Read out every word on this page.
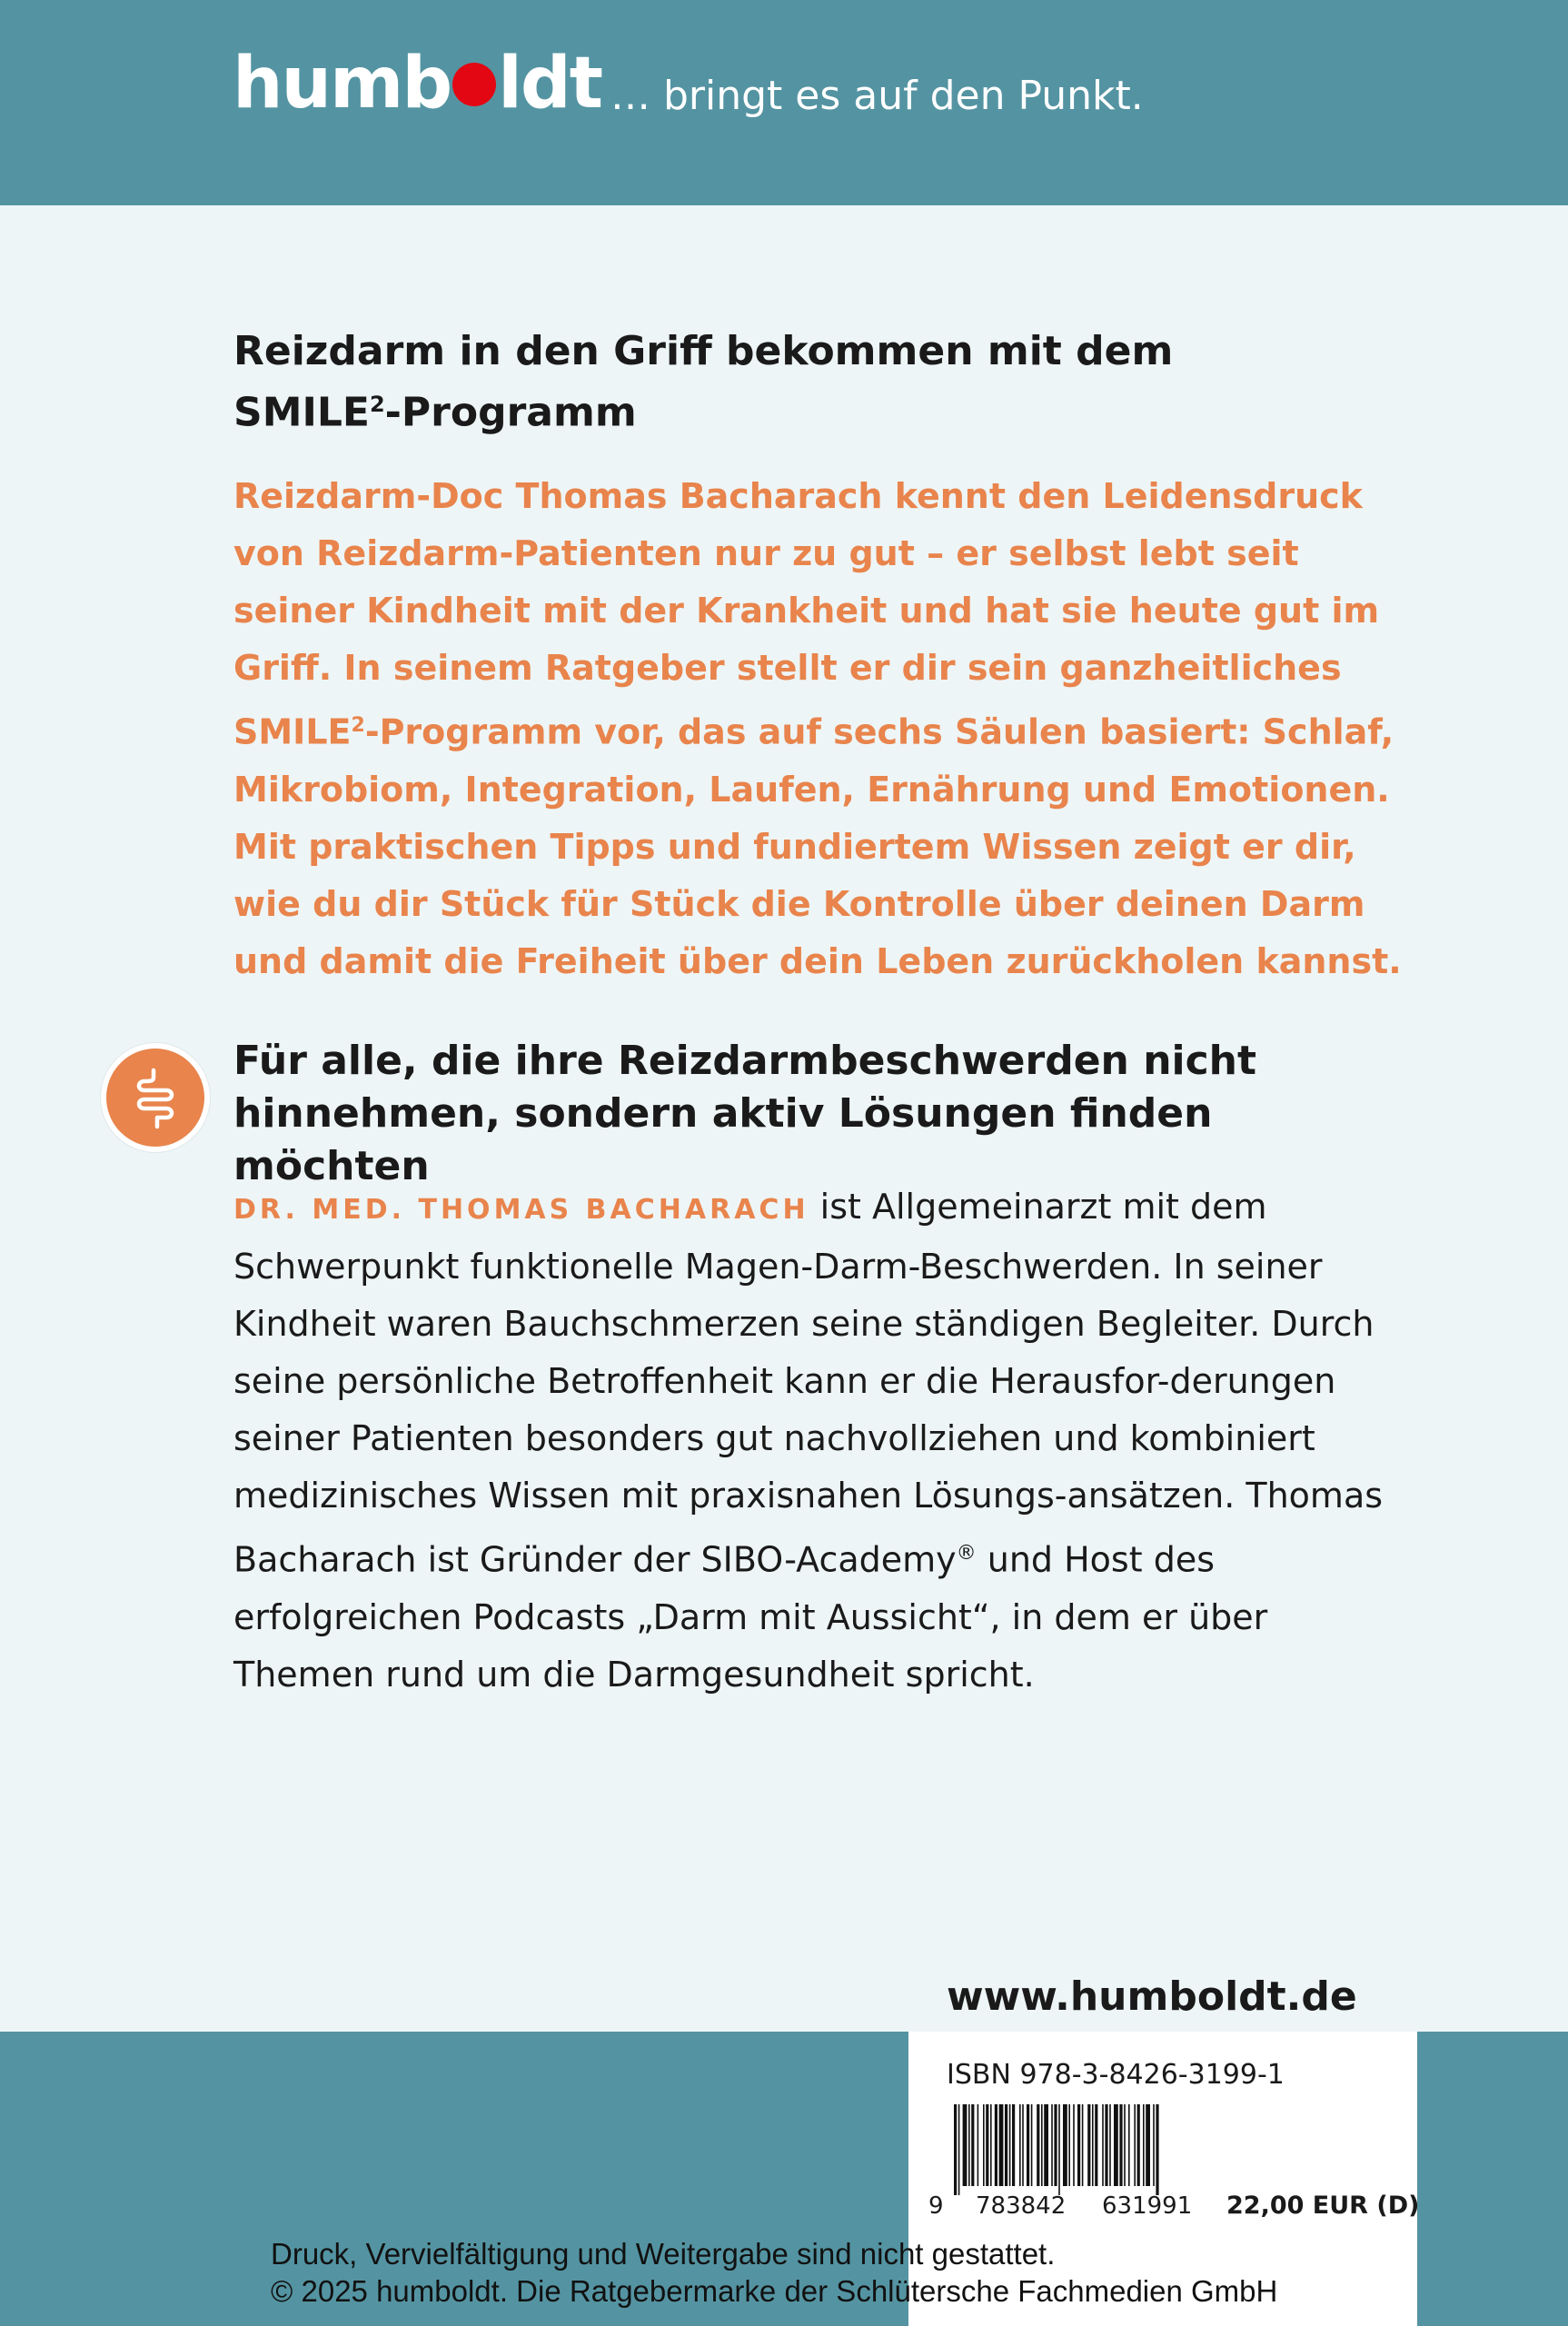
humb ldt … bringt es auf den Punkt.
Reizdarm in den Griff bekommen mit dem
SMILE$^2$-Programm

Reizdarm-Doc Thomas Bacharach kennt den Leidensdruck von Reizdarm-Patienten nur zu gut – er selbst lebt seit seiner Kindheit mit der Krankheit und hat sie heute gut im Griff. In seinem Ratgeber stellt er dir sein ganzheitliches SMILE$^2$-Programm vor, das auf sechs Säulen basiert: Schlaf, Mikrobiom, Integration, Laufen, Ernährung und Emotionen. Mit praktischen Tipps und fundiertem Wissen zeigt er dir, wie du dir Stück für Stück die Kontrolle über deinen Darm und damit die Freiheit über dein Leben zurückholen kannst.

Für alle, die ihre Reizdarmbeschwerden nicht
hinnehmen, sondern aktiv Lösungen finden möchten

DR. MED. THOMAS BACHARACH ist Allgemeinarzt mit dem Schwerpunkt funktionelle Magen-Darm-Beschwerden. In seiner Kindheit waren Bauchschmerzen seine ständigen Begleiter. Durch seine persönliche Betroffenheit kann er die Herausfor-derungen seiner Patienten besonders gut nachvollziehen und kombiniert medizinisches Wissen mit praxisnahen Lösungs-ansätzen. Thomas Bacharach ist Gründer der SIBO-Academy® und Host des erfolgreichen Podcasts „Darm mit Aussicht“, in dem er über Themen rund um die Darmgesundheit spricht.

www.humboldt.de
ISBN 978-3-8426-3199-1
9 783842 631991 22,00 EUR (D)
Druck, Vervielfältigung und Weitergabe sind nicht gestattet.
© 2025 humboldt. Die Ratgebermarke der Schlütersche Fachmedien GmbH
